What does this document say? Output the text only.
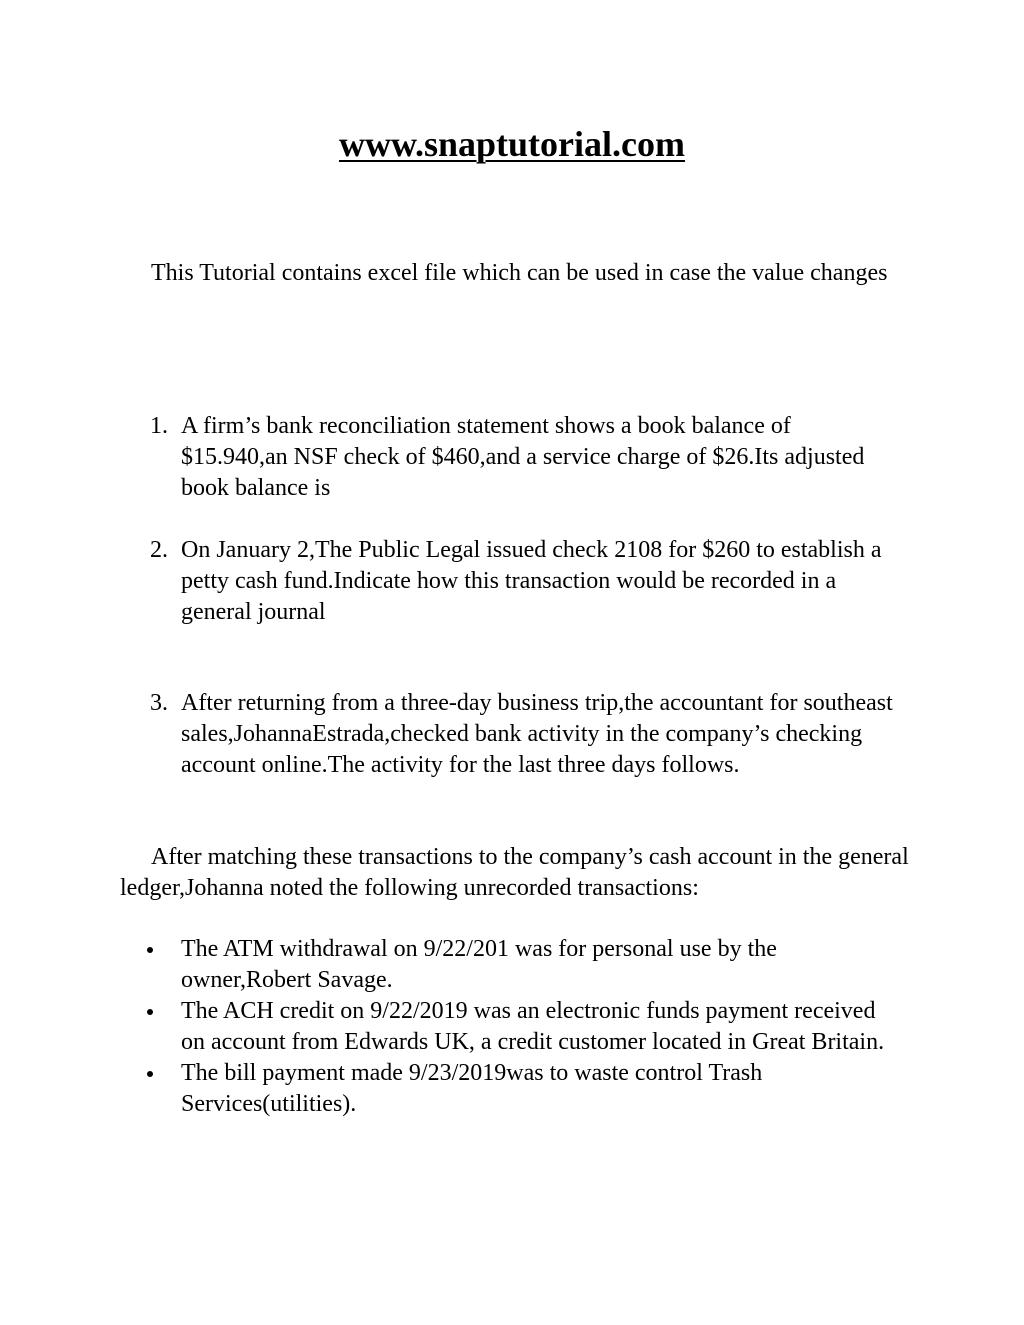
www.snaptutorial.com

This Tutorial contains excel file which can be used in case the value changes

1. A firm’s bank reconciliation statement shows a book balance of $15.940,an NSF check of $460,and a service charge of $26.Its adjusted book balance is
2. On January 2,The Public Legal issued check 2108 for $260 to establish a petty cash fund.Indicate how this transaction would be recorded in a general journal
3. After returning from a three-day business trip,the accountant for southeast sales,JohannaEstrada,checked bank activity in the company’s checking account online.The activity for the last three days follows.

After matching these transactions to the company’s cash account in the general ledger,Johanna noted the following unrecorded transactions:

The ATM withdrawal on 9/22/201 was for personal use by the owner,Robert Savage.
The ACH credit on 9/22/2019 was an electronic funds payment received on account from Edwards UK, a credit customer located in Great Britain.
The bill payment made 9/23/2019was to waste control Trash Services(utilities).
